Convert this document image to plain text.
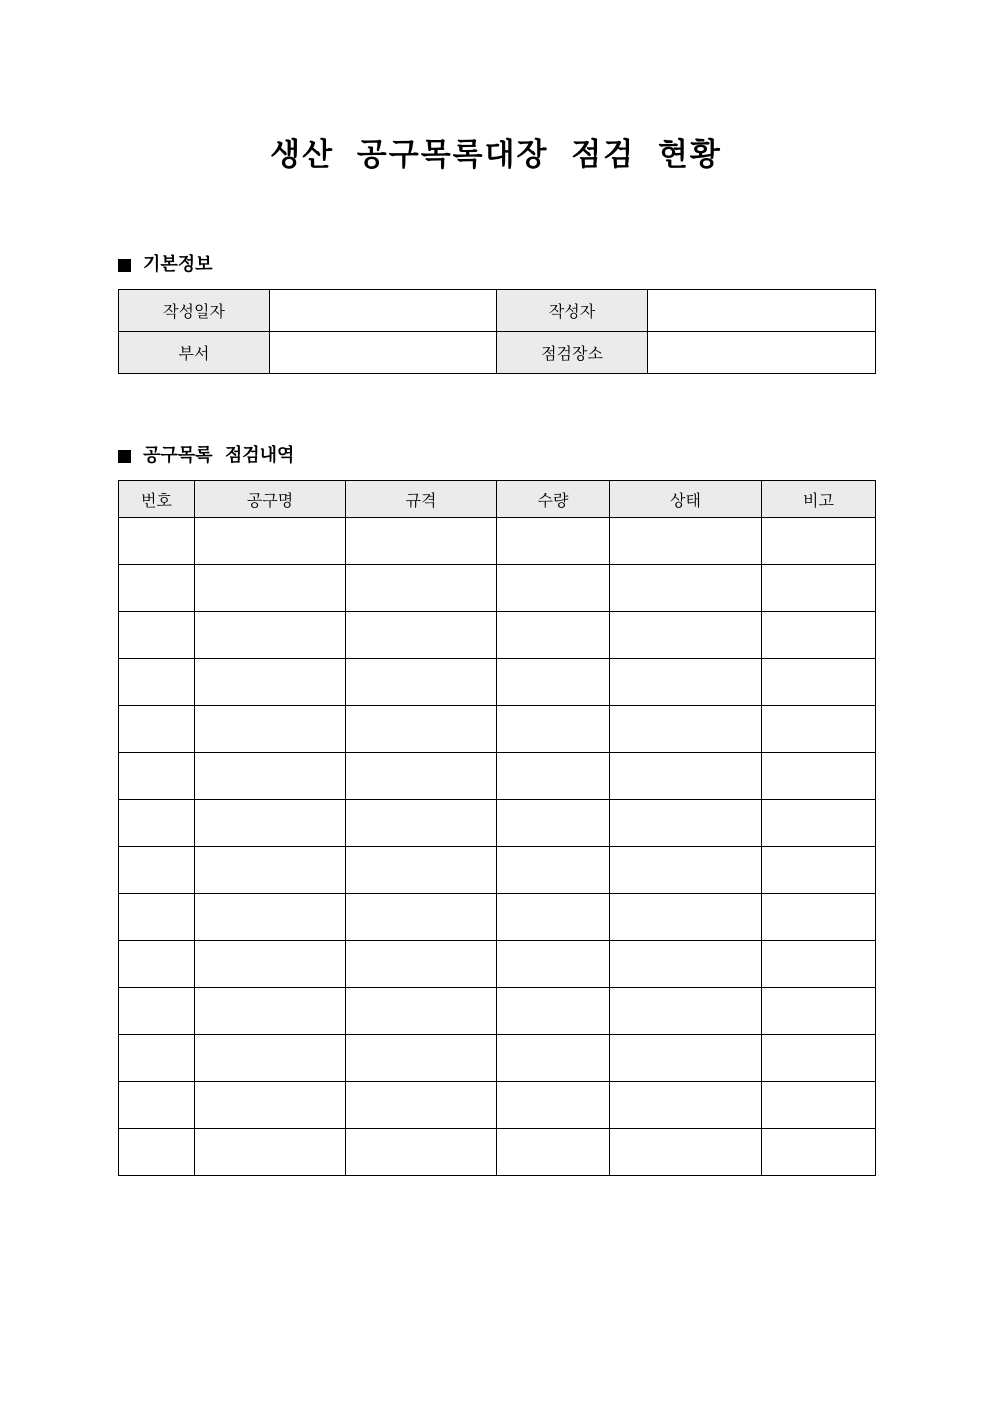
생산 공구목록대장 점검 현황
기본정보
작성일자		작성자	
부서		점검장소	
공구목록 점검내역
번호	공구명	규격	수량	상태	비고
